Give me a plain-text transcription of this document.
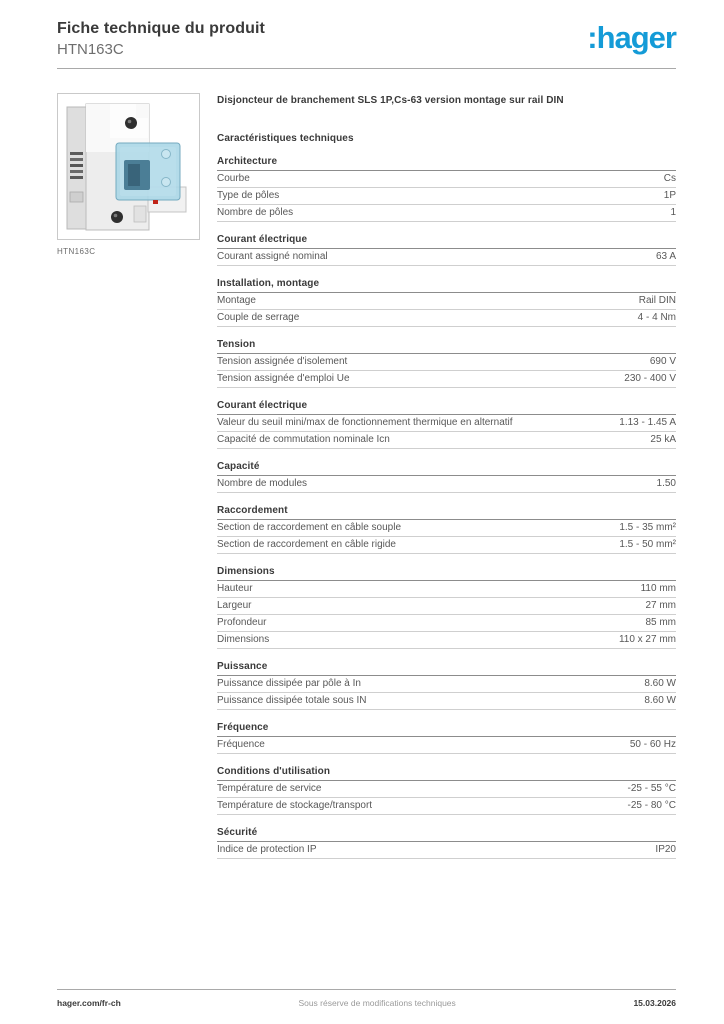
Fiche technique du produit
HTN163C	:hager
HTN163C
Disjoncteur de branchement SLS 1P,Cs-63 version montage sur rail DIN
Caractéristiques techniques
Architecture
Courbe	Cs
Type de pôles	1P
Nombre de pôles	1
Courant électrique
Courant assigné nominal	63 A
Installation, montage
Montage	Rail DIN
Couple de serrage	4 - 4 Nm
Tension
Tension assignée d'isolement	690 V
Tension assignée d'emploi Ue	230 - 400 V
Courant électrique
Valeur du seuil mini/max de fonctionnement thermique en alternatif	1.13 - 1.45 A
Capacité de commutation nominale Icn	25 kA
Capacité
Nombre de modules	1.50
Raccordement
Section de raccordement en câble souple	1.5 - 35 mm²
Section de raccordement en câble rigide	1.5 - 50 mm²
Dimensions
Hauteur	110 mm
Largeur	27 mm
Profondeur	85 mm
Dimensions	110 x 27 mm
Puissance
Puissance dissipée par pôle à In	8.60 W
Puissance dissipée totale sous IN	8.60 W
Fréquence
Fréquence	50 - 60 Hz
Conditions d'utilisation
Température de service	-25 - 55 °C
Température de stockage/transport	-25 - 80 °C
Sécurité
Indice de protection IP	IP20
hager.com/fr-ch	Sous réserve de modifications techniques	15.03.2026
